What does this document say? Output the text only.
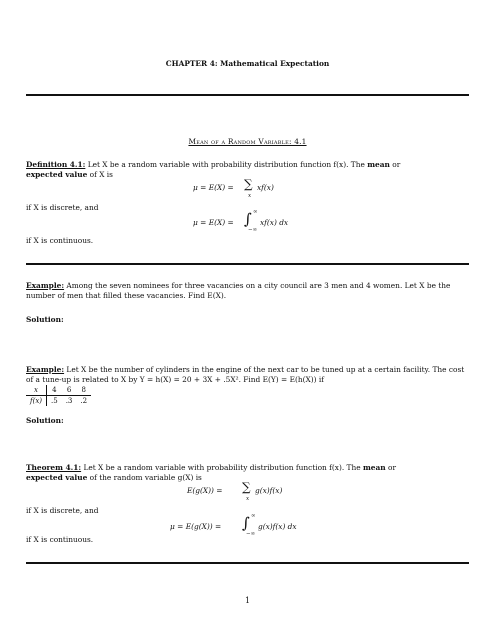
CHAPTER 4: Mathematical Expectation
Mean of a Random Variable: 4.1
Definition 4.1: Let X be a random variable with probability distribution function f(x). The mean or
expected value of X is
μ = E(X) = ∑
x
xf(x)
if X is discrete, and
μ = E(X) = ∫ ∞
−∞
xf(x) dx
if X is continuous.
Example: Among the seven nominees for three vacancies on a city council are 3 men and 4 women. Let X be the number of men that filled these vacancies. Find E(X).
Solution:
Example: Let X be the number of cylinders in the engine of the next car to be tuned up at a certain facility. The cost of a tune-up is related to X by Y = h(X) = 20 + 3X + .5X². Find E(Y) = E(h(X)) if
x	4	6	8
f(x)	.5	.3	.2
Solution:
Theorem 4.1: Let X be a random variable with probability distribution function f(x). The mean or
expected value of the random variable g(X) is
E(g(X)) = ∑
x
g(x)f(x)
if X is discrete, and
μ = E(g(X)) = ∫ ∞
−∞
g(x)f(x) dx
if X is continuous.
1
